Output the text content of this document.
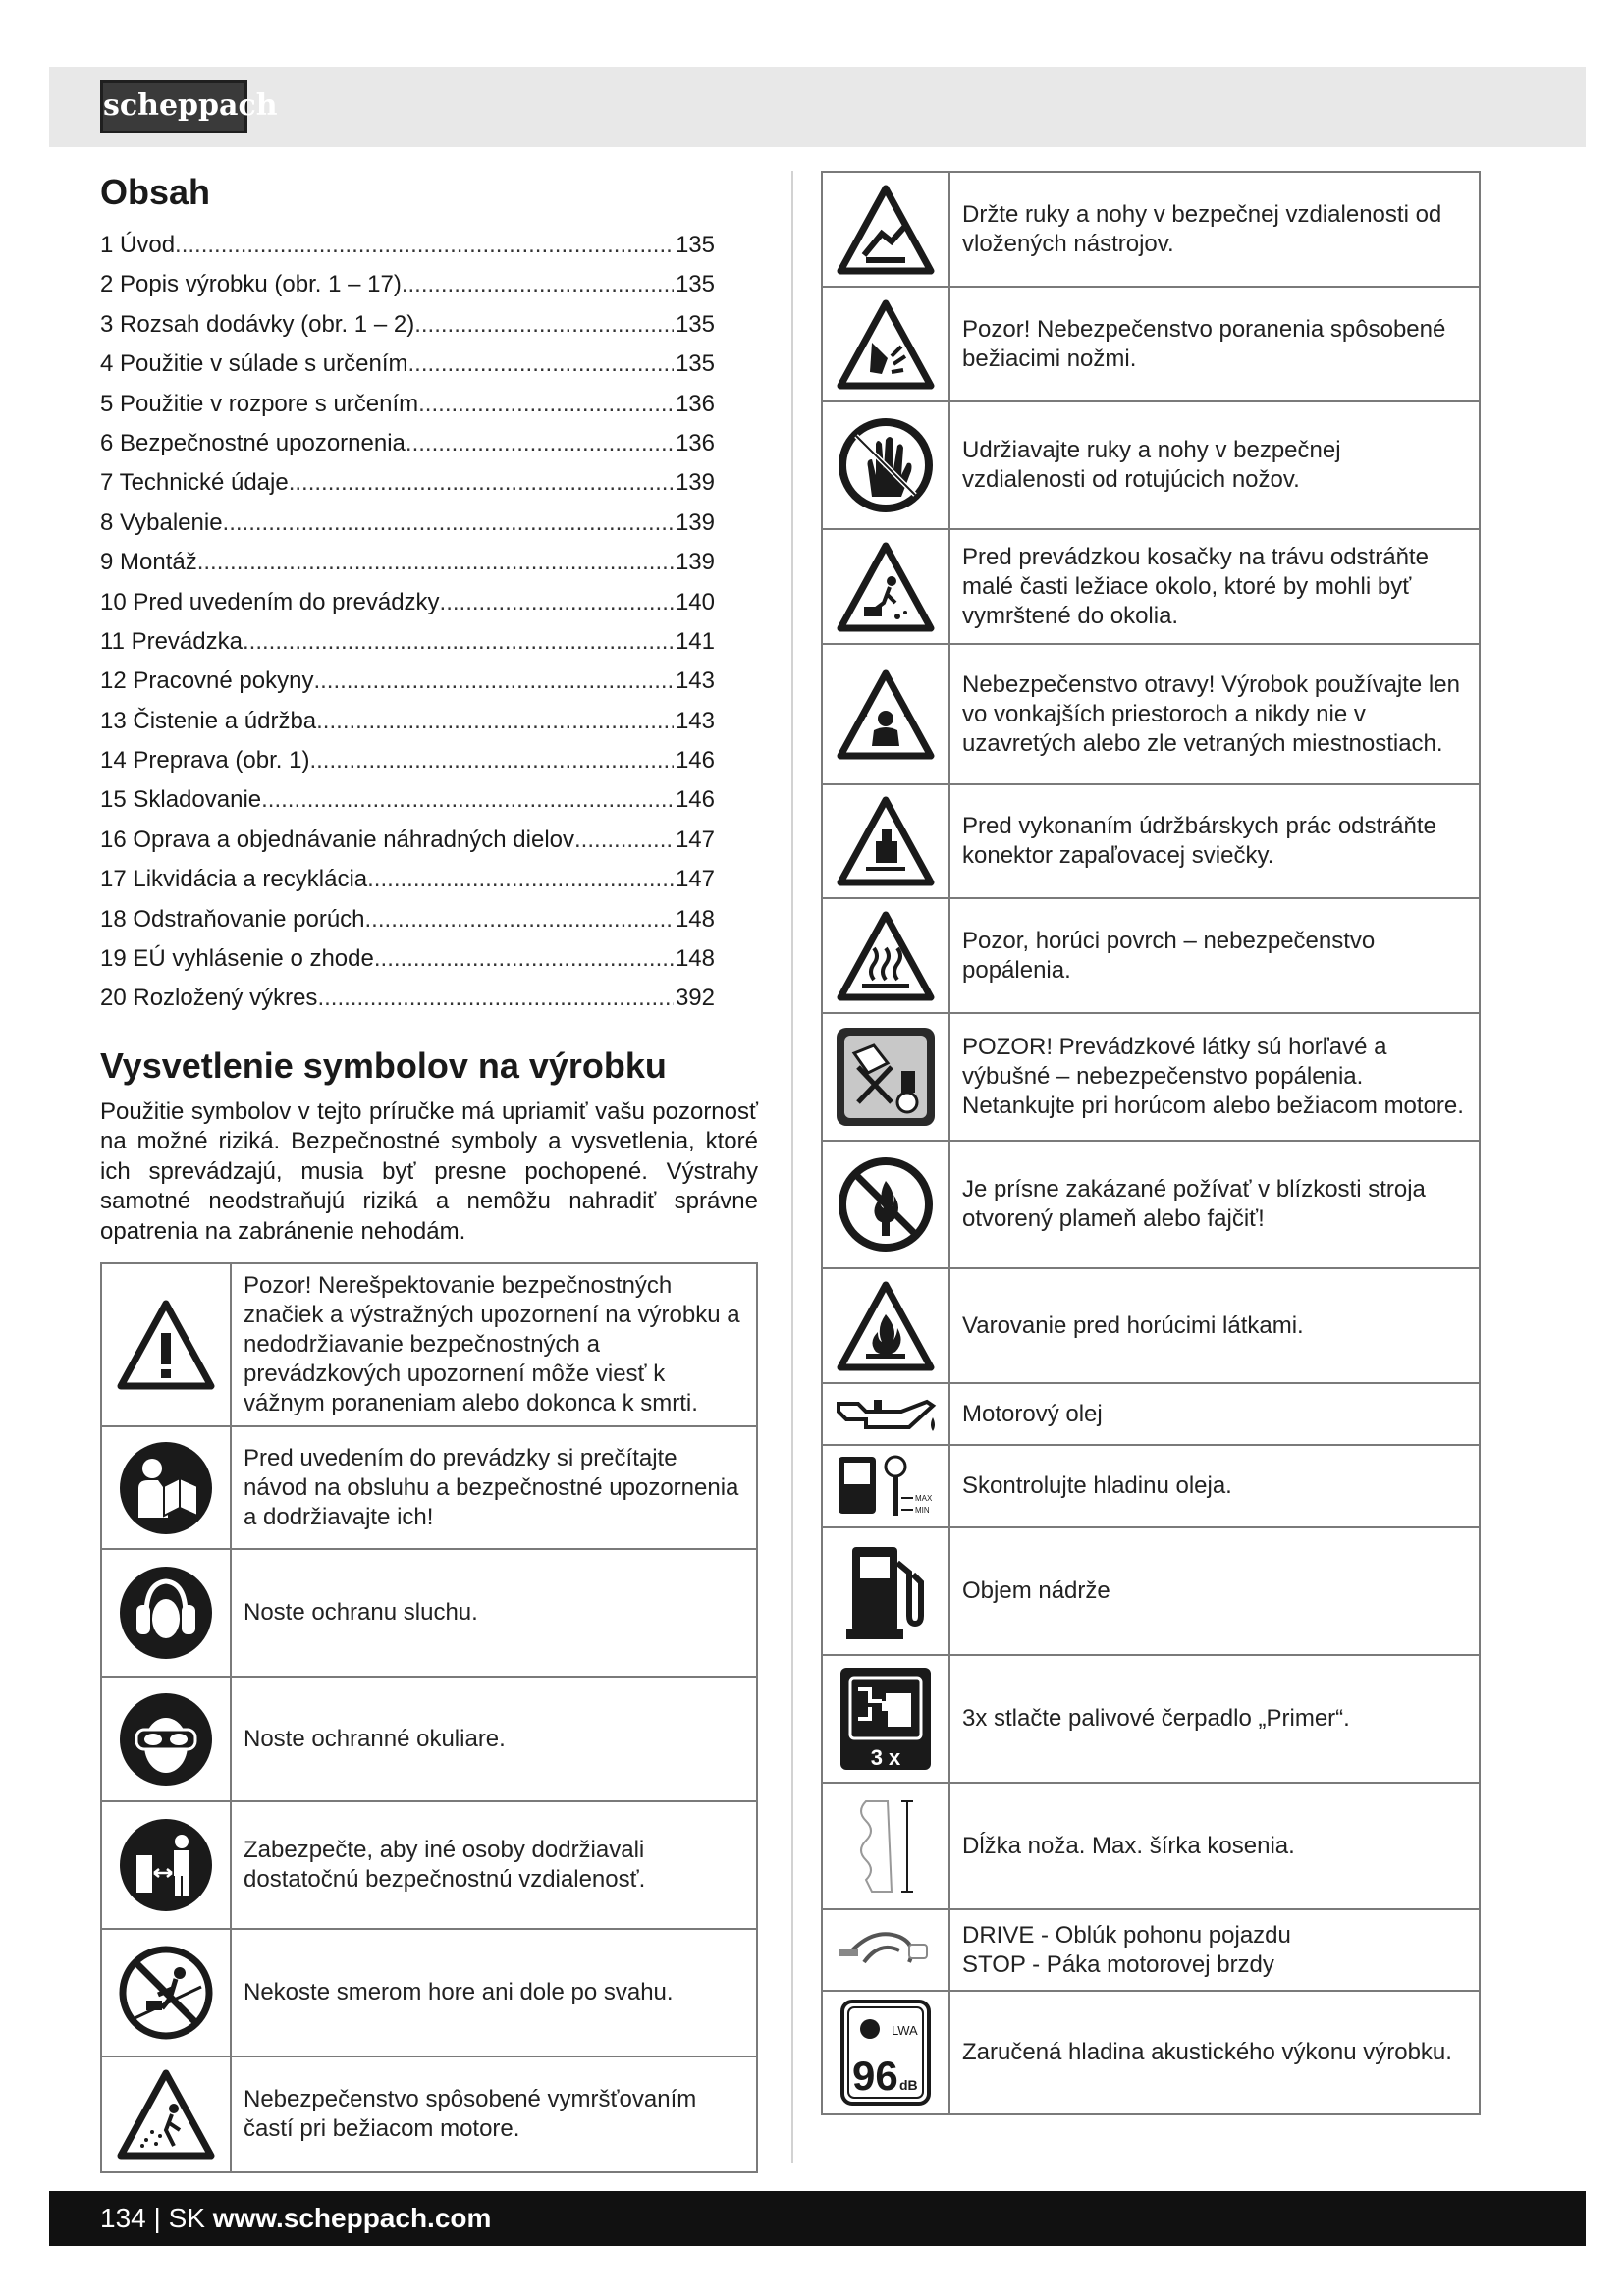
scheppach
Obsah
1 Úvod .....	135
2 Popis výrobku (obr. 1 – 17) .....	135
3 Rozsah dodávky (obr. 1 – 2) .....	135
4 Použitie v súlade s určením .....	135
5 Použitie v rozpore s určením .....	136
6 Bezpečnostné upozornenia .....	136
7 Technické údaje .....	139
8 Vybalenie .....	139
9 Montáž .....	139
10 Pred uvedením do prevádzky .....	140
11 Prevádzka .....	141
12 Pracovné pokyny .....	143
13 Čistenie a údržba .....	143
14 Preprava (obr. 1) .....	146
15 Skladovanie .....	146
16 Oprava a objednávanie náhradných dielov .....	147
17 Likvidácia a recyklácia .....	147
18 Odstraňovanie porúch .....	148
19 EÚ vyhlásenie o zhode .....	148
20 Rozložený výkres .....	392
Vysvetlenie symbolov na výrobku

Použitie symbolov v tejto príručke má upriamiť vašu pozornosť na možné riziká. Bezpečnostné symboly a vysvetlenia, ktoré ich sprevádzajú, musia byť presne pochopené. Výstrahy samotné neodstraňujú riziká a nemôžu nahradiť správne opatrenia na zabránenie nehodám.

	Pozor! Nerešpektovanie bezpečnostných značiek a výstražných upozornení na výrobku a nedodržiavanie bezpečnostných a prevádzkových upozornení môže viesť k vážnym poraneniam alebo dokonca k smrti.

	Pred uvedením do prevádzky si prečítajte návod na obsluhu a bezpečnostné upozornenia a dodržiavajte ich!

	Noste ochranu sluchu.

	Noste ochranné okuliare.

	Zabezpečte, aby iné osoby dodržiavali dostatočnú bezpečnostnú vzdialenosť.

	Nekoste smerom hore ani dole po svahu.

	Nebezpečenstvo spôsobené vymršťovaním častí pri bežiacom motore.
	Držte ruky a nohy v bezpečnej vzdialenosti od vložených nástrojov.

	Pozor! Nebezpečenstvo poranenia spôsobené bežiacimi nožmi.

	Udržiavajte ruky a nohy v bezpečnej vzdialenosti od rotujúcich nožov.

	Pred prevádzkou kosačky na trávu odstráňte malé časti ležiace okolo, ktoré by mohli byť vymrštené do okolia.

	Nebezpečenstvo otravy! Výrobok používajte len vo vonkajších priestoroch a nikdy nie v uzavretých alebo zle vetraných miestnostiach.

	Pred vykonaním údržbárskych prác odstráňte konektor zapaľovacej sviečky.

	Pozor, horúci povrch – nebezpečenstvo popálenia.

	POZOR! Prevádzkové látky sú horľavé a výbušné – nebezpečenstvo popálenia. Netankujte pri horúcom alebo bežiacom motore.

	Je prísne zakázané požívať v blízkosti stroja otvorený plameň alebo fajčiť!

	Varovanie pred horúcimi látkami.

	Motorový olej

MAX
MIN	Skontrolujte hladinu oleja.

	Objem nádrže

3 x	3x stlačte palivové čerpadlo „Primer“.

	Dĺžka noža. Max. šírka kosenia.

	DRIVE - Oblúk pohonu pojazdu
STOP - Páka motorovej brzdy

LWA
96 dB	Zaručená hladina akustického výkonu výrobku.
134 | SK www.scheppach.com
